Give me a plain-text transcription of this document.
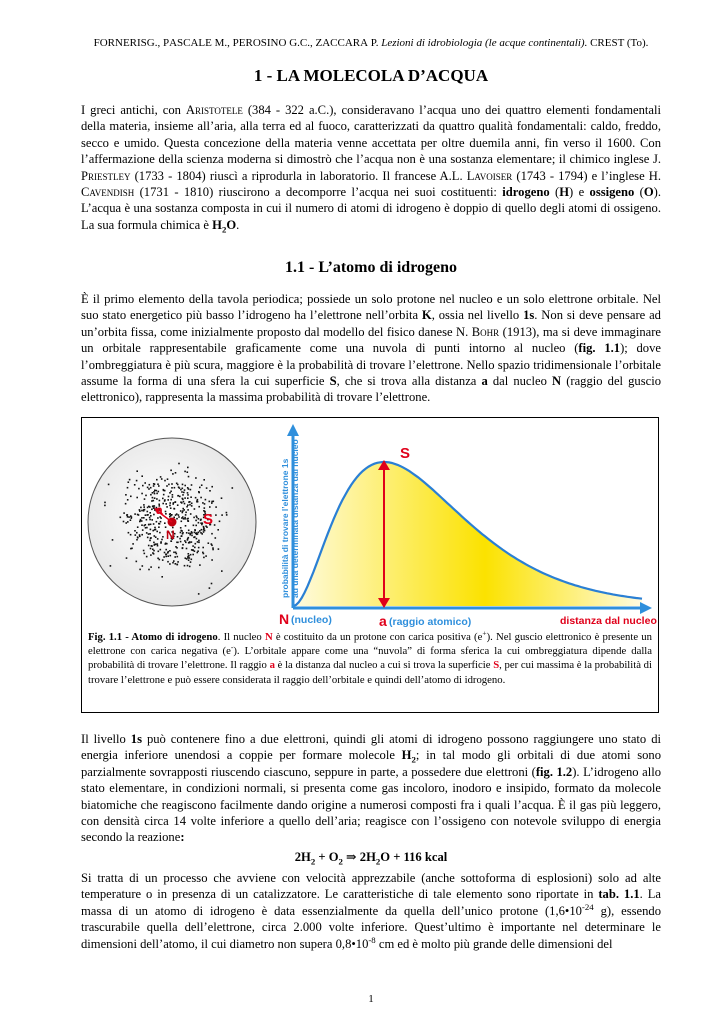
FORNERISG., PASCALE M., PEROSINO G.C., ZACCARA P. Lezioni di idrobiologia (le acque continentali). CREST (To).
1 - LA MOLECOLA D’ACQUA

I greci antichi, con Aristotele (384 - 322 a.C.), consideravano l’acqua uno dei quattro elementi fondamentali della materia, insieme all’aria, alla terra ed al fuoco, caratterizzati da quattro qualità fondamentali: caldo, freddo, secco e umido. Questa concezione della materia venne accettata per oltre duemila anni, fin verso il 1600. Con l’affermazione della scienza moderna si dimostrò che l’acqua non è una sostanza elementare; il chimico inglese J. Priestley (1733 - 1804) riuscì a riprodurla in laboratorio. Il francese A.L. Lavoiser (1743 - 1794) e l’inglese H. Cavendish (1731 - 1810) riuscirono a decomporre l’acqua nei suoi costituenti: idrogeno (H) e ossigeno (O). L’acqua è una sostanza composta in cui il numero di atomi di idrogeno è doppio di quello degli atomi di ossigeno. La sua formula chimica è $H_2O$.

1.1 - L’atomo di idrogeno

È il primo elemento della tavola periodica; possiede un solo protone nel nucleo e un solo elettrone orbitale. Nel suo stato energetico più basso l’idrogeno ha l’elettrone nell’orbita K, ossia nel livello 1s. Non si deve pensare ad un’orbita fissa, come inizialmente proposto dal modello del fisico danese N. Bohr (1913), ma si deve immaginare un orbitale rappresentabile graficamente come una nuvola di punti intorno al nucleo (fig. 1.1); dove l’ombreggiatura è più scura, maggiore è la probabilità di trovare l’elettrone. Nello spazio tridimensionale l’orbitale assume la forma di una sfera la cui superficie S, che si trova alla distanza a dal nucleo N (raggio del guscio elettronico), rappresenta la massima probabilità di trovare l’elettrone.

a
S
N
S
probabilità di trovare l’elettrone 1s ad una determinata distanza dal nucleo
N (nucleo)	a (raggio atomico)	distanza dal nucleo
Fig. 1.1 - Atomo di idrogeno. Il nucleo N è costituito da un protone con carica positiva (e+). Nel guscio elettronico è presente un elettrone con carica negativa (e-). L’orbitale appare come una “nuvola” di forma sferica la cui ombreggiatura dipende dalla probabilità di trovare l’elettrone. Il raggio a è la distanza dal nucleo a cui si trova la superficie S, per cui massima è la probabilità di trovare l’elettrone e può essere considerata il raggio dell’orbitale e quindi dell’atomo di idrogeno.

Il livello 1s può contenere fino a due elettroni, quindi gli atomi di idrogeno possono raggiungere uno stato di energia inferiore unendosi a coppie per formare molecole $H_2$; in tal modo gli orbitali di due atomi sono parzialmente sovrapposti riuscendo ciascuno, seppure in parte, a possedere due elettroni (fig. 1.2). L’idrogeno allo stato elementare, in condizioni normali, si presenta come gas incoloro, inodoro e insipido, formato da molecole biatomiche che reagiscono facilmente dando origine a numerosi composti fra i quali l’acqua. È il gas più leggero, con densità circa 14 volte inferiore a quello dell’aria; reagisce con l’ossigeno con notevole sviluppo di energia secondo la reazione:

$2H_2 + O_2$ ⇒ $2H_2O + 116$ kcal

Si tratta di un processo che avviene con velocità apprezzabile (anche sottoforma di esplosioni) solo ad alte temperature o in presenza di un catalizzatore. Le caratteristiche di tale elemento sono riportate in tab. 1.1. La massa di un atomo di idrogeno è data essenzialmente da quella dell’unico protone ($1,6•10^{-24}$ g), essendo trascurabile quella dell’elettrone, circa 2.000 volte inferiore. Quest’ultimo è importante nel determinare le dimensioni dell’atomo, il cui diametro non supera $0,8•10^{-8}$ cm ed è molto più grande delle dimensioni del

1
